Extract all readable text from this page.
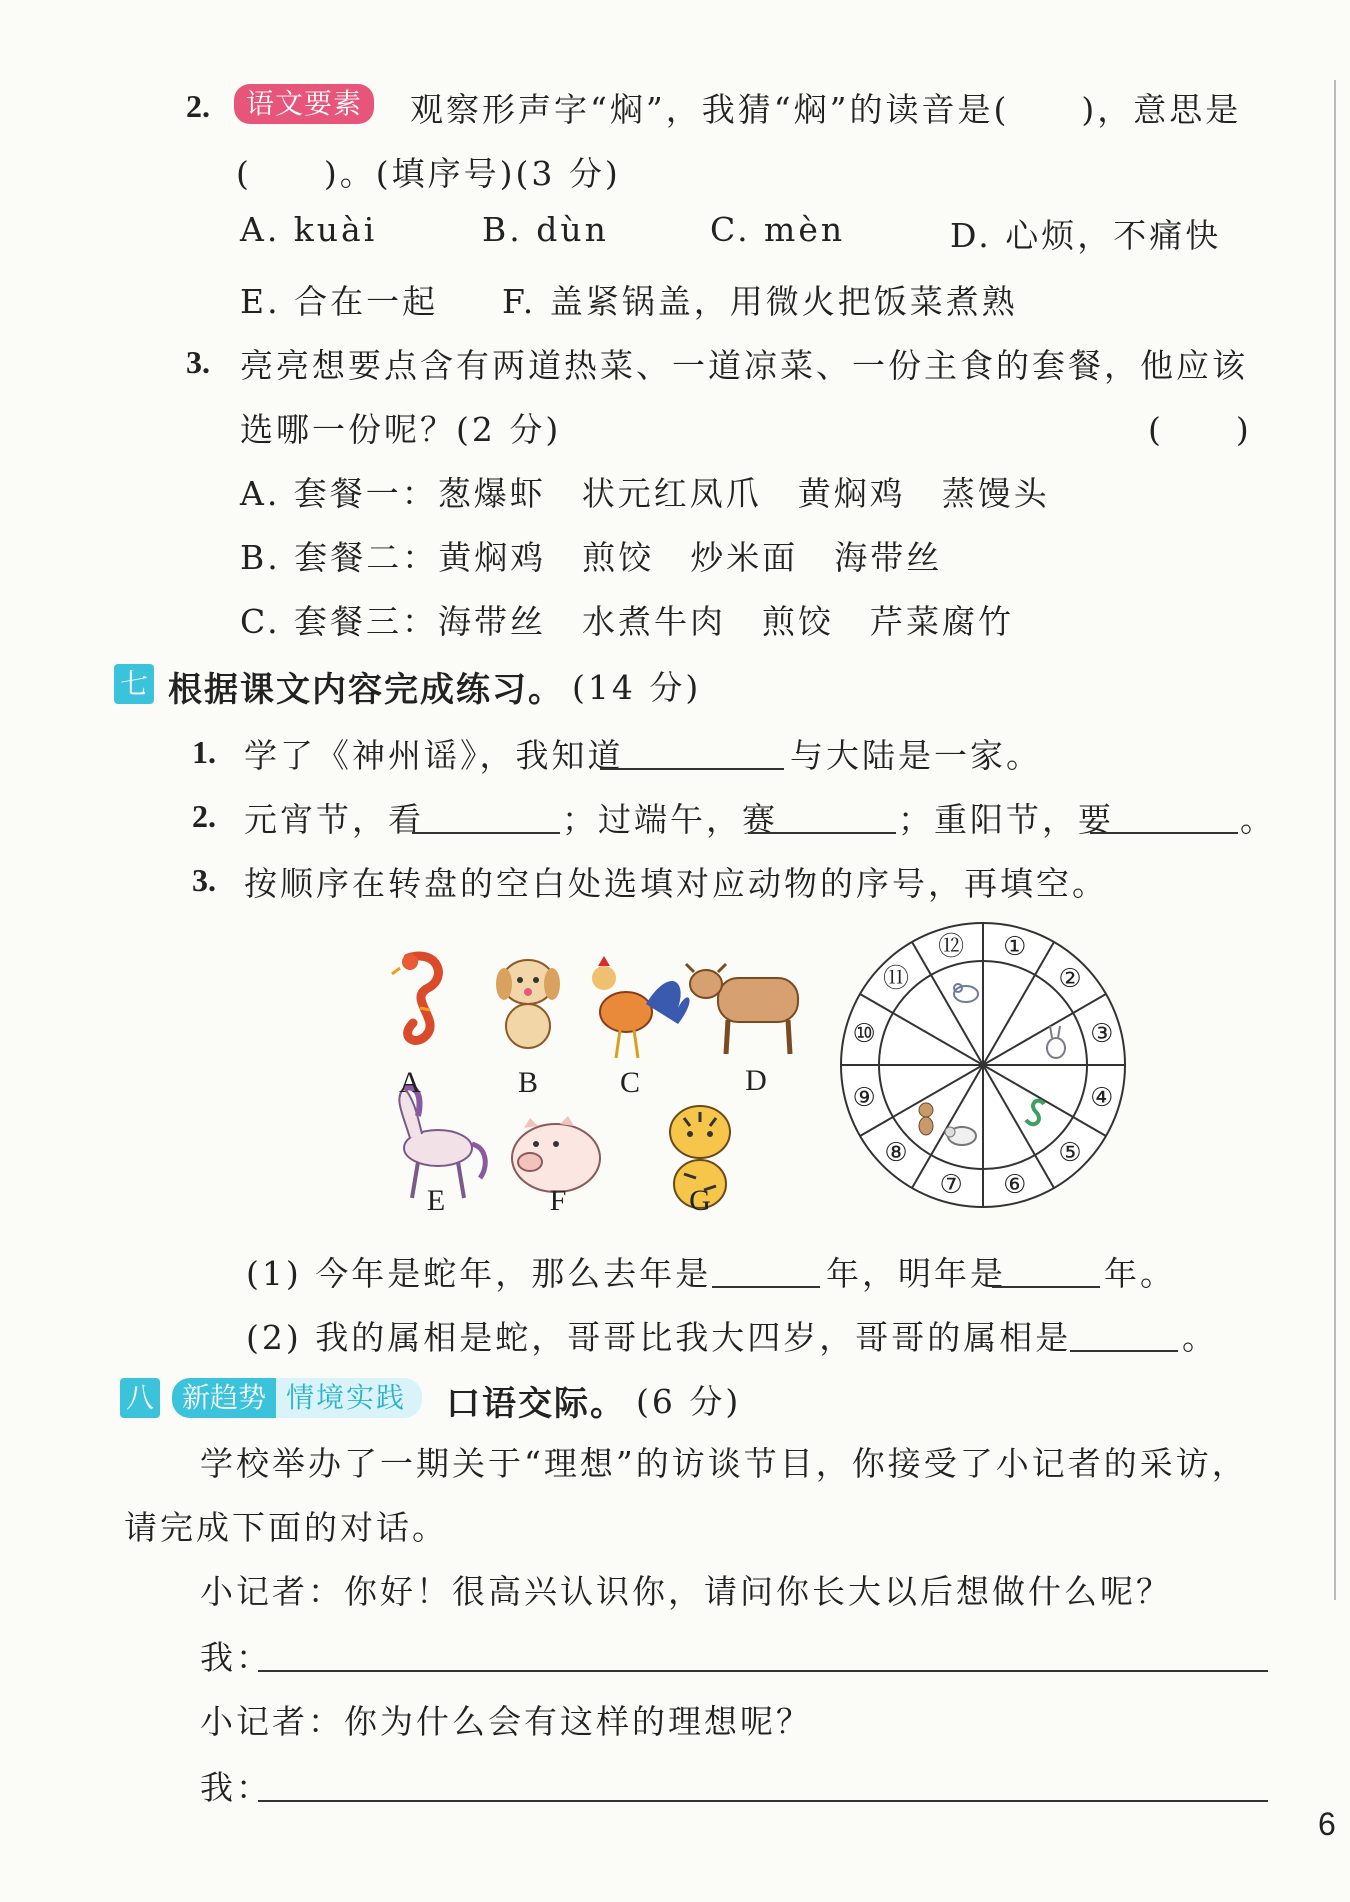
2.	语文要素	观察形声字“焖”，我猜“焖”的读音是(　　)，意思是
(　　)。(填序号)(3 分)
A. kuài	B. dùn	C. mèn	D. 心烦，不痛快
E. 合在一起 F. 盖紧锅盖，用微火把饭菜煮熟
3. 亮亮想要点含有两道热菜、一道凉菜、一份主食的套餐，他应该
选哪一份呢？(2 分)	(　　)
A. 套餐一：葱爆虾　状元红凤爪　黄焖鸡　蒸馒头
B. 套餐二：黄焖鸡　煎饺　炒米面　海带丝
C. 套餐三：海带丝　水煮牛肉　煎饺　芹菜腐竹
七 根据课文内容完成练习。 (14 分)
1. 学了《神州谣》，我知道	与大陆是一家。
2. 元宵节，看	；过端午，赛	；重阳节，要	。
3. 按顺序在转盘的空白处选填对应动物的序号，再填空。
A	B	C	D
E	F	G
①
②
③
④
⑤
⑥
⑦
⑧
⑨
⑩
⑪
⑫
(1) 今年是蛇年，那么去年是	年，明年是	年。
(2) 我的属相是蛇，哥哥比我大四岁，哥哥的属相是	。
八	新趋势 情境实践	口语交际。 (6 分)
学校举办了一期关于“理想”的访谈节目，你接受了小记者的采访，
请完成下面的对话。
小记者：你好！很高兴认识你，请问你长大以后想做什么呢？
我：
小记者：你为什么会有这样的理想呢？
我：
6
